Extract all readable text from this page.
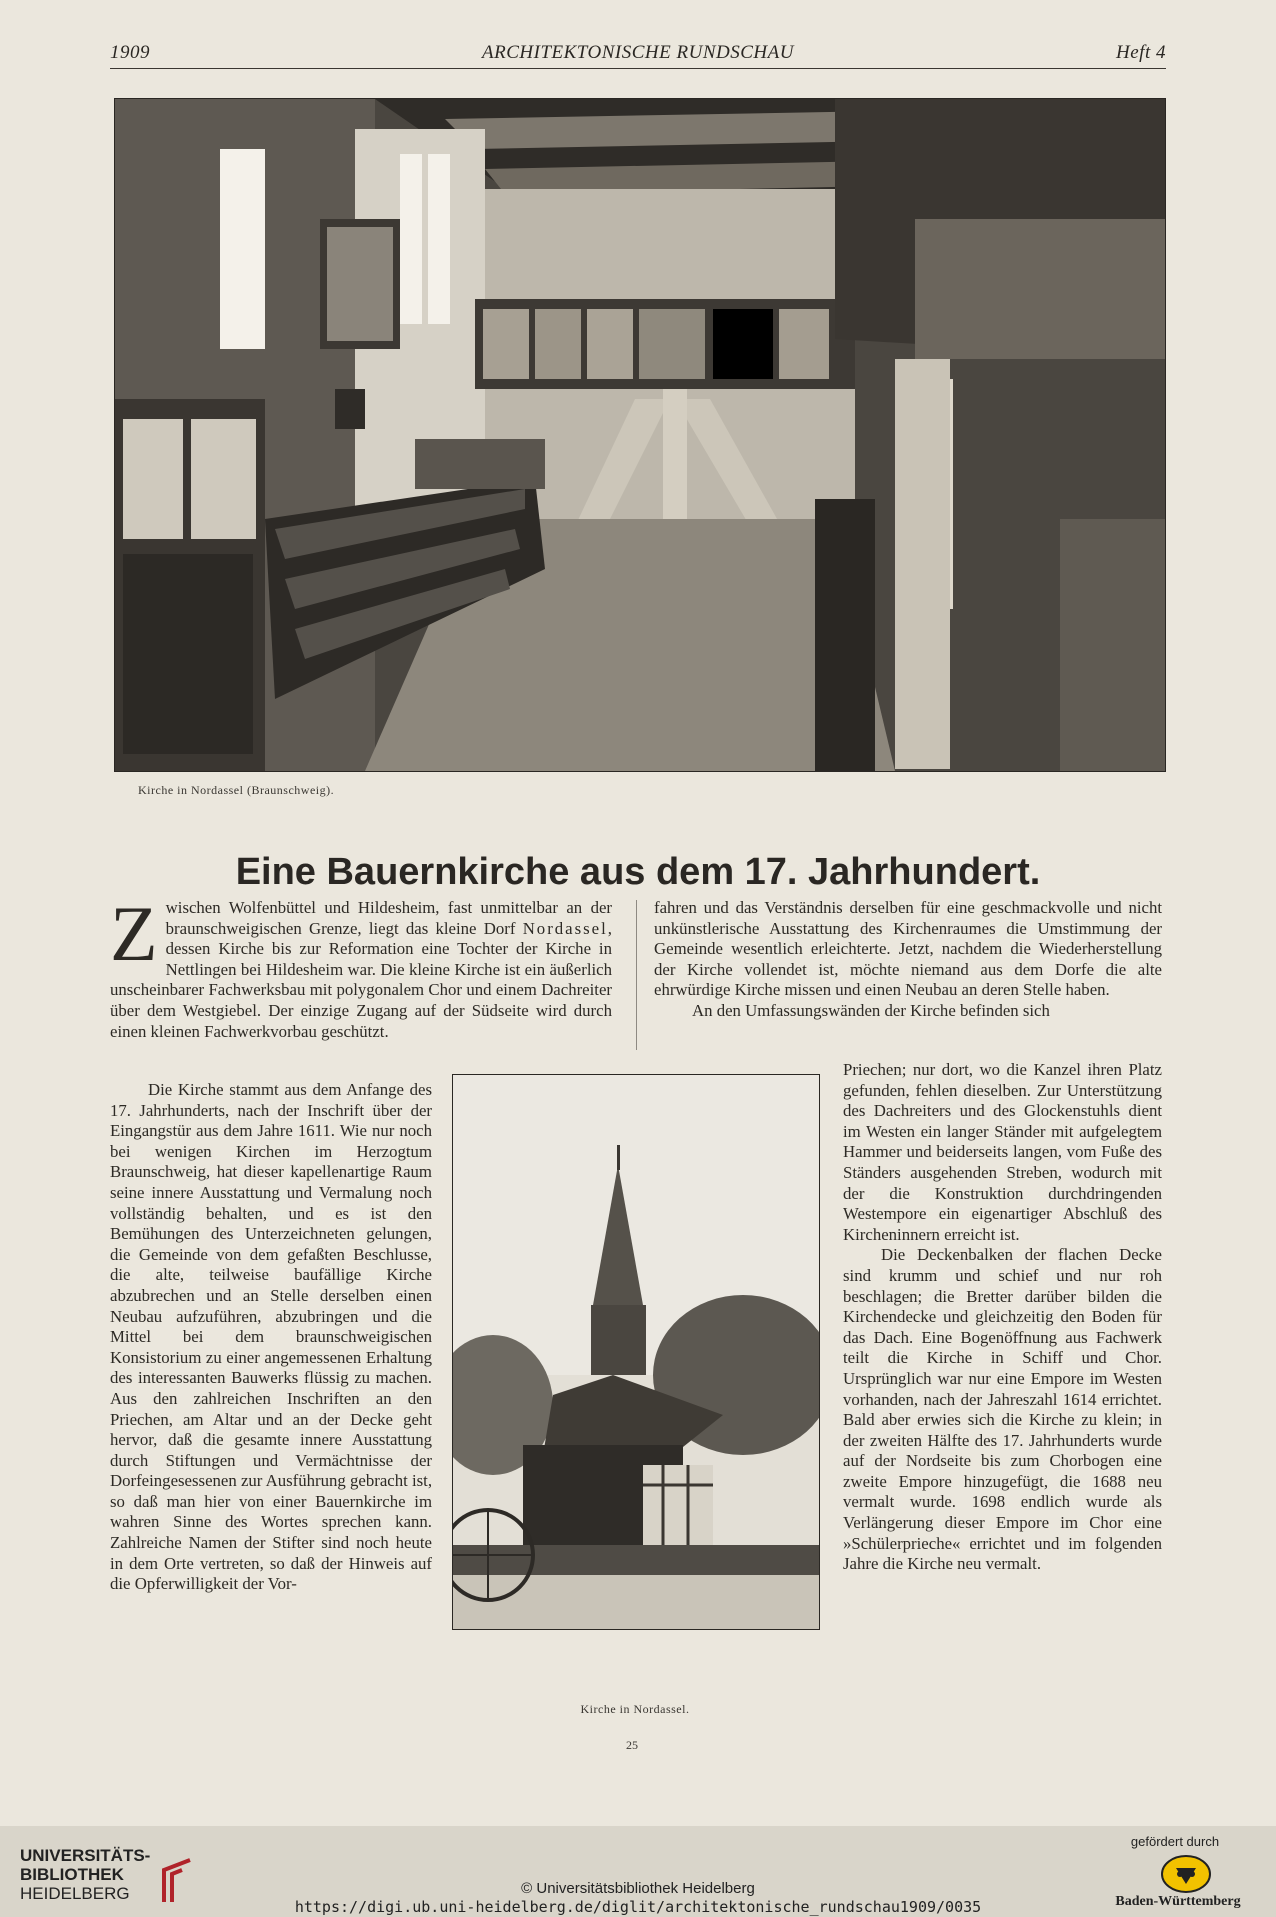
1909	ARCHITEKTONISCHE RUNDSCHAU	Heft 4
Kirche in Nordassel (Braunschweig).
Eine Bauernkirche aus dem 17. Jahrhundert.

Zwischen Wolfenbüttel und Hildesheim, fast unmittelbar an der braunschweigischen Grenze, liegt das kleine Dorf Nordassel, dessen Kirche bis zur Reformation eine Tochter der Kirche in Nettlingen bei Hildesheim war. Die kleine Kirche ist ein äußerlich unscheinbarer Fachwerksbau mit polygonalem Chor und einem Dachreiter über dem Westgiebel. Der einzige Zugang auf der Südseite wird durch einen kleinen Fachwerkvorbau geschützt.

Die Kirche stammt aus dem Anfange des 17. Jahrhunderts, nach der Inschrift über der Eingangstür aus dem Jahre 1611. Wie nur noch bei wenigen Kirchen im Herzogtum Braunschweig, hat dieser kapellenartige Raum seine innere Ausstattung und Vermalung noch vollständig behalten, und es ist den Bemühungen des Unterzeichneten gelungen, die Gemeinde von dem gefaßten Beschlusse, die alte, teilweise baufällige Kirche abzubrechen und an Stelle derselben einen Neubau aufzuführen, abzubringen und die Mittel bei dem braunschweigischen Konsistorium zu einer angemessenen Erhaltung des interessanten Bauwerks flüssig zu machen. Aus den zahlreichen Inschriften an den Priechen, am Altar und an der Decke geht hervor, daß die gesamte innere Ausstattung durch Stiftungen und Vermächtnisse der Dorfeingesessenen zur Ausführung gebracht ist, so daß man hier von einer Bauernkirche im wahren Sinne des Wortes sprechen kann. Zahlreiche Namen der Stifter sind noch heute in dem Orte vertreten, so daß der Hinweis auf die Opferwilligkeit der Vor-

Kirche in Nordassel.

fahren und das Verständnis derselben für eine geschmackvolle und nicht unkünstlerische Ausstattung des Kirchenraumes die Umstimmung der Gemeinde wesentlich erleichterte. Jetzt, nachdem die Wiederherstellung der Kirche vollendet ist, möchte niemand aus dem Dorfe die alte ehrwürdige Kirche missen und einen Neubau an deren Stelle haben.

An den Umfassungswänden der Kirche befinden sich

Priechen; nur dort, wo die Kanzel ihren Platz gefunden, fehlen dieselben. Zur Unterstützung des Dachreiters und des Glockenstuhls dient im Westen ein langer Ständer mit aufgelegtem Hammer und beiderseits langen, vom Fuße des Ständers ausgehenden Streben, wodurch mit der die Konstruktion durchdringenden Westempore ein eigenartiger Abschluß des Kircheninnern erreicht ist.

Die Deckenbalken der flachen Decke sind krumm und schief und nur roh beschlagen; die Bretter darüber bilden die Kirchendecke und gleichzeitig den Boden für das Dach. Eine Bogenöffnung aus Fachwerk teilt die Kirche in Schiff und Chor. Ursprünglich war nur eine Empore im Westen vorhanden, nach der Jahreszahl 1614 errichtet. Bald aber erwies sich die Kirche zu klein; in der zweiten Hälfte des 17. Jahrhunderts wurde auf der Nordseite bis zum Chorbogen eine zweite Empore hinzugefügt, die 1688 neu vermalt wurde. 1698 endlich wurde als Verlängerung dieser Empore im Chor eine »Schülerprieche« errichtet und im folgenden Jahre die Kirche neu vermalt.

25
UNIVERSITÄTS-
BIBLIOTHEK
HEIDELBERG	© Universitätsbibliothek Heidelberg
https://digi.ub.uni-heidelberg.de/diglit/architektonische_rundschau1909/0035
gefördert durch
Baden-Württemberg
